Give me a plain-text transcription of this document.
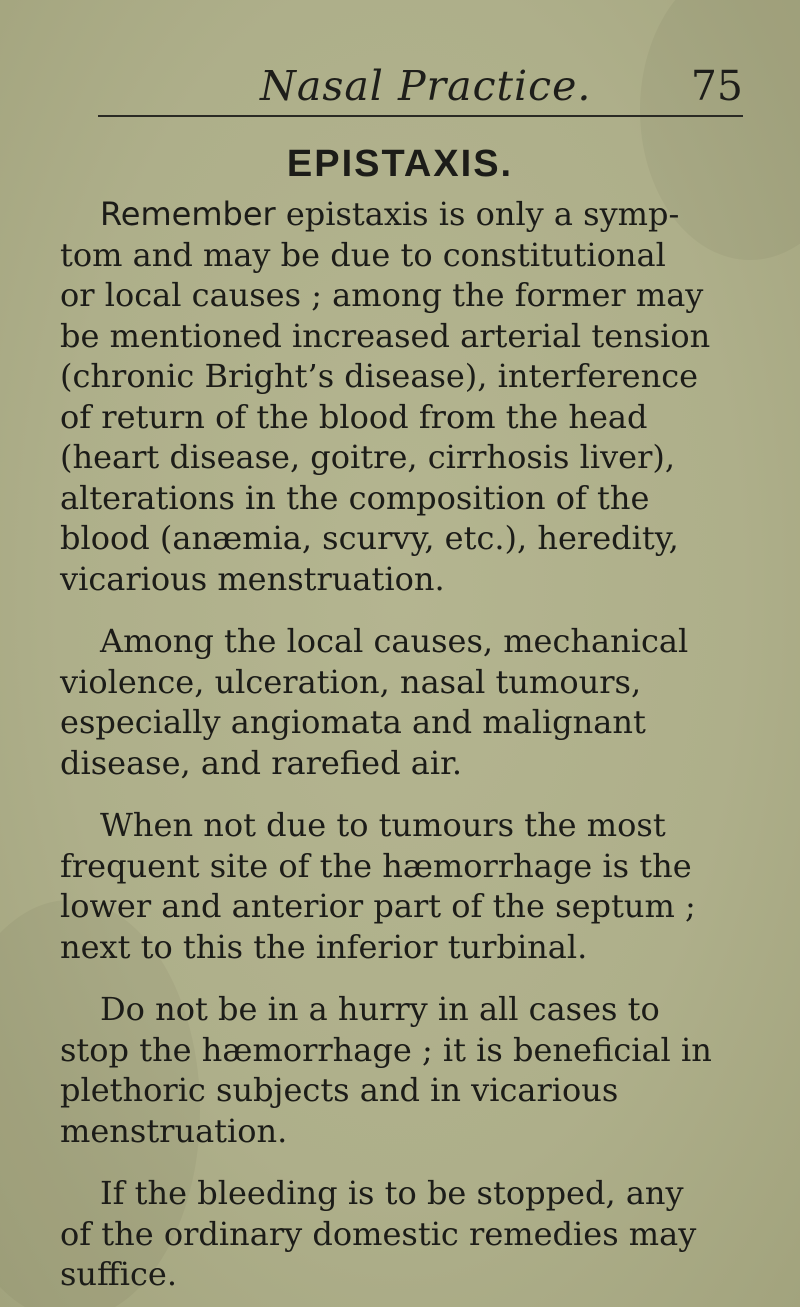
Nasal Practice. 75
EPISTAXIS.
Remember epistaxis is only a symp-
tom and may be due to constitutional
or local causes ; among the former may
be mentioned increased arterial tension
(chronic Bright’s disease), interference
of return of the blood from the head
(heart disease, goitre, cirrhosis liver),
alterations in the composition of the
blood (anæmia, scurvy, etc.), heredity,
vicarious menstruation.
Among the local causes, mechanical
violence, ulceration, nasal tumours,
especially angiomata and malignant
disease, and rarefied air.
When not due to tumours the most
frequent site of the hæmorrhage is the
lower and anterior part of the septum ;
next to this the inferior turbinal.
Do not be in a hurry in all cases to
stop the hæmorrhage ; it is beneficial in
plethoric subjects and in vicarious
menstruation.
If the bleeding is to be stopped, any
of the ordinary domestic remedies may
suffice.
